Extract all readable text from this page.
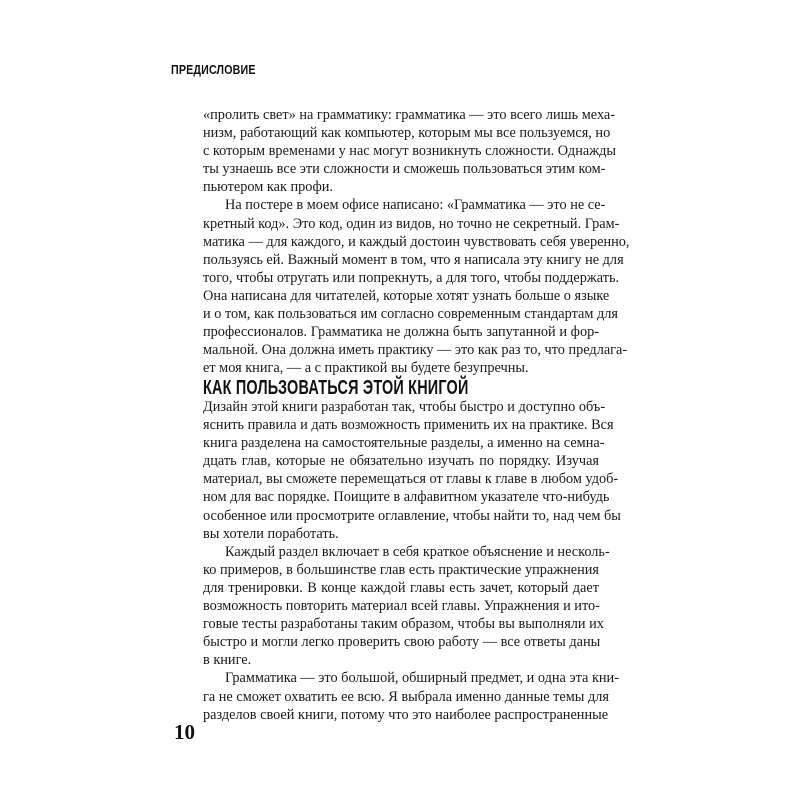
ПРЕДИСЛОВИЕ
«пролить свет» на грамматику: грамматика — это всего лишь меха-
низм, работающий как компьютер, которым мы все пользуемся, но
с которым временами у нас могут возникнуть сложности. Однажды
ты узнаешь все эти сложности и сможешь пользоваться этим ком-
пьютером как профи.
На постере в моем офисе написано: «Грамматика — это не се-
кретный код». Это код, один из видов, но точно не секретный. Грам-
матика — для каждого, и каждый достоин чувствовать себя уверенно,
пользуясь ей. Важный момент в том, что я написала эту книгу не для
того, чтобы отругать или попрекнуть, а для того, чтобы поддержать.
Она написана для читателей, которые хотят узнать больше о языке
и о том, как пользоваться им согласно современным стандартам для
профессионалов. Грамматика не должна быть запутанной и фор-
мальной. Она должна иметь практику — это как раз то, что предлага-
ет моя книга, — а с практикой вы будете безупречны.
КАК ПОЛЬЗОВАТЬСЯ ЭТОЙ КНИГОЙ
Дизайн этой книги разработан так, чтобы быстро и доступно объ-
яснить правила и дать возможность применить их на практике. Вся
книга разделена на самостоятельные разделы, а именно на семна-
дцать глав, которые не обязательно изучать по порядку. Изучая
материал, вы сможете перемещаться от главы к главе в любом удоб-
ном для вас порядке. Поищите в алфавитном указателе что-нибудь
особенное или просмотрите оглавление, чтобы найти то, над чем бы
вы хотели поработать.
Каждый раздел включает в себя краткое объяснение и несколь-
ко примеров, в большинстве глав есть практические упражнения
для тренировки. В конце каждой главы есть зачет, который дает
возможность повторить материал всей главы. Упражнения и ито-
говые тесты разработаны таким образом, чтобы вы выполняли их
быстро и могли легко проверить свою работу — все ответы даны
в книге.
Грамматика — это большой, обширный предмет, и одна эта кни-
га не сможет охватить ее всю. Я выбрала именно данные темы для
разделов своей книги, потому что это наиболее распространенные
10
